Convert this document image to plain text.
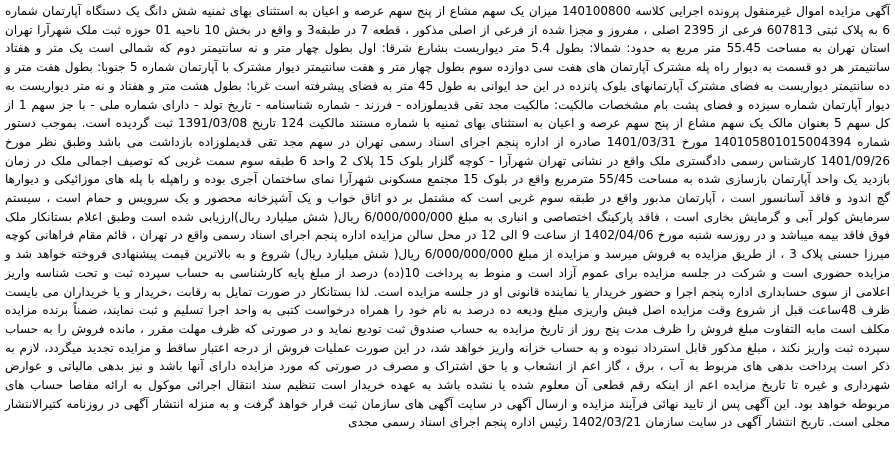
آگهی مزایده اموال غیرمنقول پرونده اجرایی کلاسه 140100800 میزان یک سهم مشاع از پنج سهم عرصه و اعیان به استثنای بهای ثمنیه شش دانگ یک دستگاه آپارتمان شماره 6 به پلاک ثبتی 607813 فرعی از 2395 اصلی ، مفروز و مجزا شده از فرعی از اصلی مذکور ، قطعه 7 در طبقه3 و واقع در بخش 10 ناحیه 01 حوزه ثبت ملک شهرآرا تهران استان تهران به مساحت 55.45 متر مربع به حدود: شمالا: بطول 5.4 متر دیواریست بشارع شرقا: اول بطول چهار متر و نه سانتیمتر دوم که شمالی است یک متر و هفتاد سانتیمتر هر دو قسمت به دیوار راه پله مشترک آپارتمان های هفت سی دوازده سوم بطول چهار متر و هفت سانتیمتر دیوار مشترک با آپارتمان شماره 5 جنوبا: بطول هفت متر و ده سانتیمتر دیواریست به فضای مشترک آپارتمانهای بلوک پانزده در این حد ایوانی به طول 45 متر به فضای پیشرفته است غربا: بطول هشت متر و هفتاد و نه متر دیواریست به دیوار آپارتمان شماره سیزده و فضای پشت بام مشخصات مالکیت: مالکیت مجد تقی قدیملوزاده - فرزند - شماره شناسنامه - تاریخ تولد - دارای شماره ملی - با جز سهم 1 از کل سهم 5 بعنوان مالک یک سهم مشاع از پنج سهم عرصه و اعیان به استثنای بهای ثمنیه با شماره مستند مالکیت 124 تاریخ 1391/03/08 ثبت گردیده است. بموجب دستور شماره 140105801015004394 مورخ 1401/03/31 صادره از اداره پنجم اجرای اسناد رسمی تهران در سهم مجد تقی قدیملوزاده بازداشت می باشد وطبق نظر مورخ 1401/09/26 کارشناس رسمی دادگستری ملک واقع در نشانی تهران شهرآرا - کوچه گلزار بلوک 15 پلاک 2 واحد 6 طبقه سوم سمت غربی که توصیف اجمالی ملک در زمان بازدید یک واحد آپارتمان بازسازی شده به مساحت 55/45 مترمربع واقع در بلوک 15 مجتمع مسکونی شهرآرا نمای ساختمان آجری بوده و راهپله با پله های موزائیکی و دیوارها گچ اندود و فاقد آسانسور است ، آپارتمان مذبور واقع در طبقه سوم غربی است که مشتمل بر دو اتاق خواب و یک آشپزخانه محصور و یک سرویس و حمام است ، سیستم سرمایش کولر آبی و گرمایش بخاری است ، فاقد پارکینگ اختصاصی و انباری به مبلغ 6/000/000/000 ریال( شش میلیارد ریال)ارزیابی شده است وطبق اعلام بستانکار ملک فوق فاقد بیمه میباشد و در روزسه شنبه مورخ 1402/04/06 از ساعت 9 الی 12 در محل سالن مزایده اداره پنجم اجرای اسناد رسمی واقع در تهران ، قائم مقام فراهانی کوچه میرزا حسنی پلاک 3 ، از طریق مزایده به فروش میرسد و مزایده از مبلغ 6/000/000/000 ریال( شش میلیارد ریال) شروع و به بالاترین قیمت پیشنهادی فروخته خواهد شد و مزایده حضوری است و شرکت در جلسه مزایده برای عموم آزاد است و منوط به پرداخت 10(ده) درصد از مبلغ پایه کارشناسی به حساب سپرده ثبت و تحت شناسه واریز اعلامی از سوی حسابداری اداره پنجم اجرا و حضور خریدار یا نماینده قانونی او در جلسه مزایده است. لذا بستانکار در صورت تمایل به رقابت ،خریدار و یا خریداران می بایست ظرف 48ساعت قبل از شروع وقت مزایده اصل فیش واریزی مبلغ ودیعه ده درصد به نام خود را همراه درخواست کتبی به واحد اجرا تسلیم و ثبت نمایند، ضمناً برنده مزایده مکلف است مابه التفاوت مبلغ فروش را ظرف مدت پنج روز از تاریخ مزایده به حساب صندوق ثبت تودیع نماید و در صورتی که ظرف مهلت مقرر ، مانده فروش را به حساب سپرده ثبت واریز نکند ، مبلغ مذکور قابل استرداد نبوده و به حساب خزانه واریز خواهد شد، در این صورت عملیات فروش از درجه اعتبار ساقط و مزایده تجدید میگردد، لازم به ذکر است پرداخت بدهی های مربوط به آب ، برق ، گاز اعم از انشعاب و یا حق اشتراک و مصرف در صورتی که مورد مزایده دارای آنها باشد و نیز بدهی مالیاتی و عوارض شهرداری و غیره تا تاریخ مزایده اعم از اینکه رقم قطعی آن معلوم شده یا نشده باشد به عهده خریدار است تنظیم سند انتقال اجرائی موکول به ارائه مفاصا حساب های مربوطه خواهد بود. این آگهی پس از تایید نهائی فرآیند مزایده و ارسال آگهی در سایت آگهی های سازمان ثبت قرار خواهد گرفت و به منزله انتشار آگهی در روزنامه کثیرالانتشار محلی است. تاریخ انتشار آگهی در سایت سازمان 1402/03/21 رئیس اداره پنجم اجرای اسناد رسمی مجدی
